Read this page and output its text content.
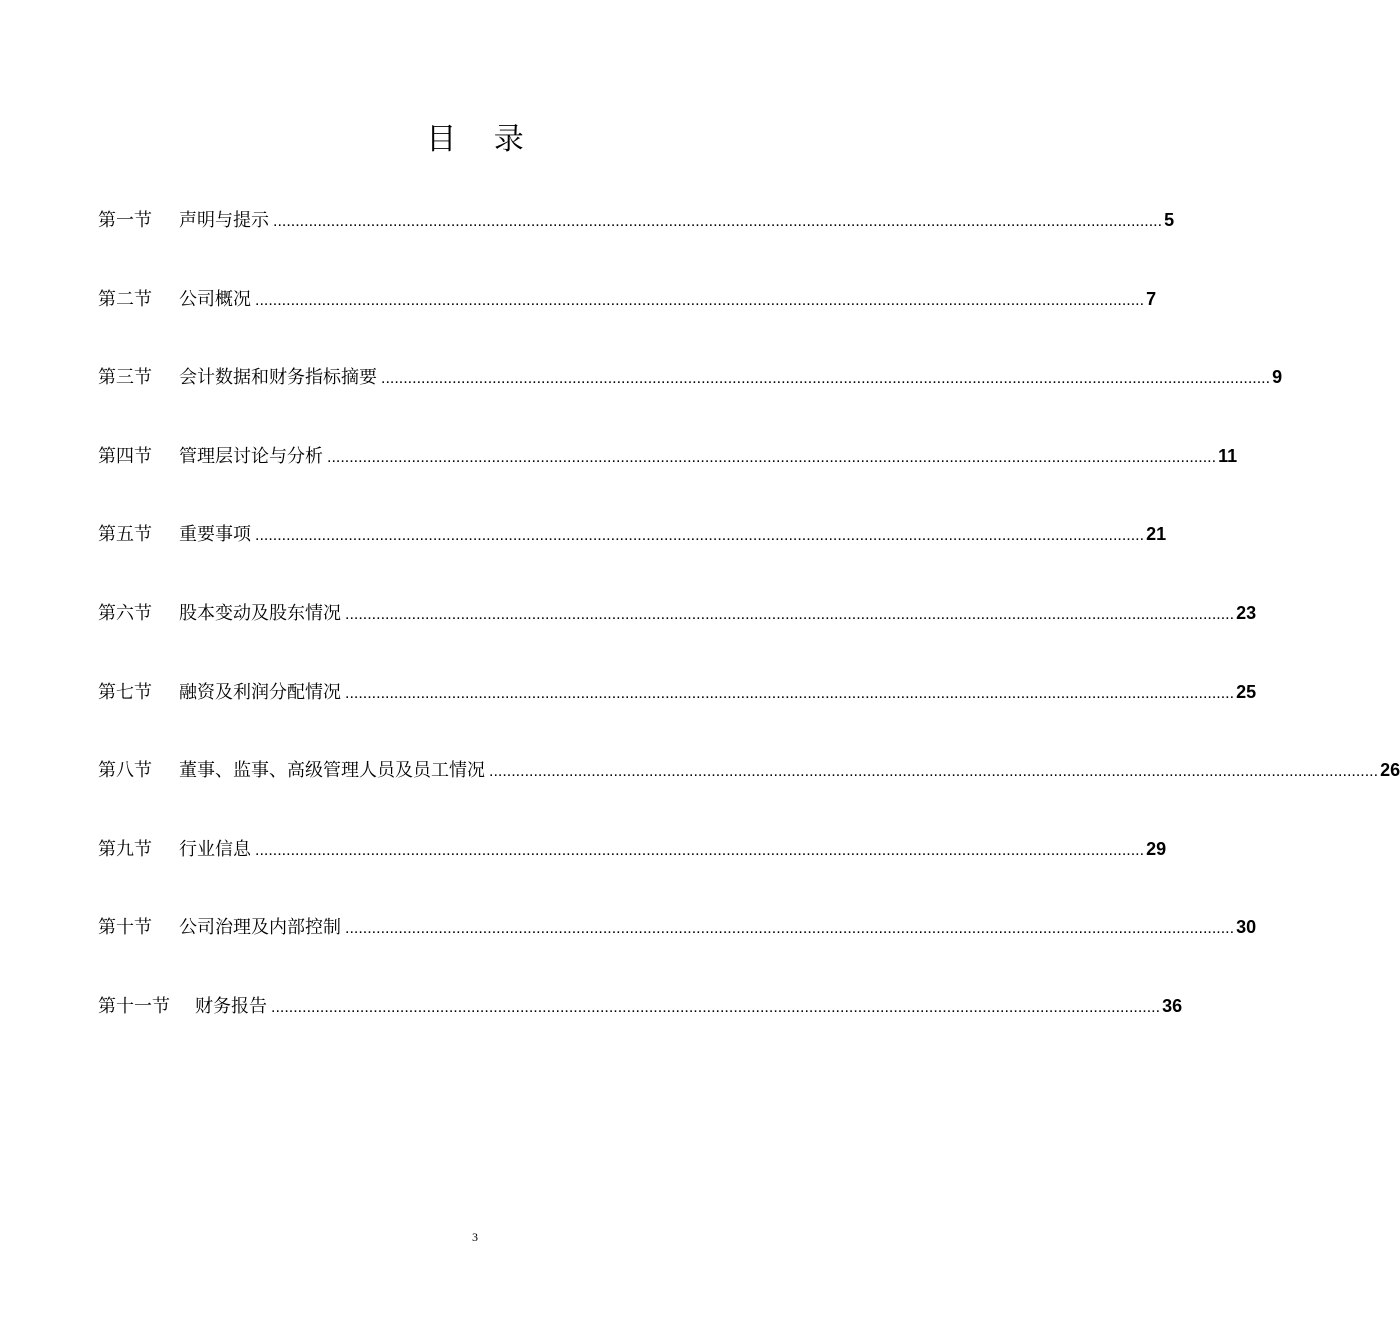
目 录
第一节 声明与提示 ........................................................................................................................................................................................................ 5
第二节 公司概况 ........................................................................................................................................................................................................ 7
第三节 会计数据和财务指标摘要 ........................................................................................................................................................................................................ 9
第四节 管理层讨论与分析 ........................................................................................................................................................................................................ 11
第五节 重要事项 ........................................................................................................................................................................................................ 21
第六节 股本变动及股东情况 ........................................................................................................................................................................................................ 23
第七节 融资及利润分配情况 ........................................................................................................................................................................................................ 25
第八节 董事、监事、高级管理人员及员工情况 ........................................................................................................................................................................................................ 26
第九节 行业信息 ........................................................................................................................................................................................................ 29
第十节 公司治理及内部控制 ........................................................................................................................................................................................................ 30
第十一节 财务报告 ........................................................................................................................................................................................................ 36
3
